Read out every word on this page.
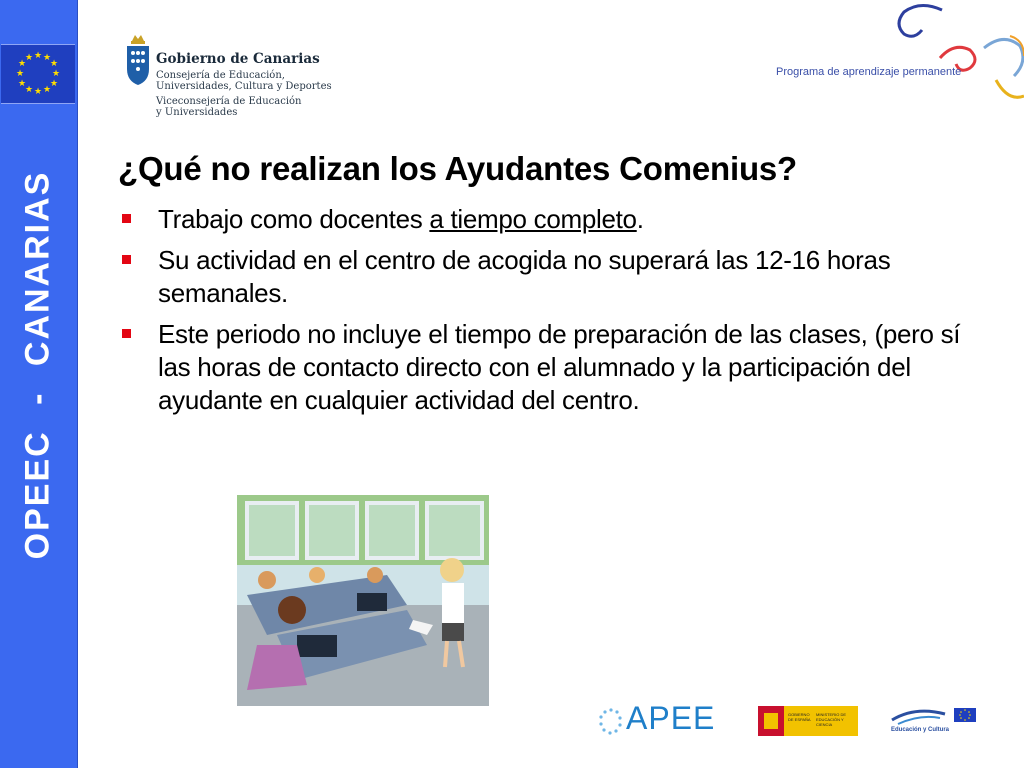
★ ★
★
★
★
★
★
★
★
★
★
★
OPEEC - CANARIAS
Gobierno de Canarias
Consejería de Educación,
Universidades, Cultura y Deportes
Viceconsejería de Educación
y Universidades
Programa de aprendizaje permanente
¿Qué no realizan los Ayudantes Comenius?
Trabajo como docentes a tiempo completo.
Su actividad en el centro de acogida no superará las 12-16 horas semanales.
Este periodo no incluye el tiempo de preparación de las clases, (pero sí las horas de contacto directo con el alumnado y la participación del ayudante en cualquier actividad del centro.
APEE	GOBIERNO DE ESPAÑA
MINISTERIO DE EDUCACIÓN Y CIENCIA
Educación y Cultura
